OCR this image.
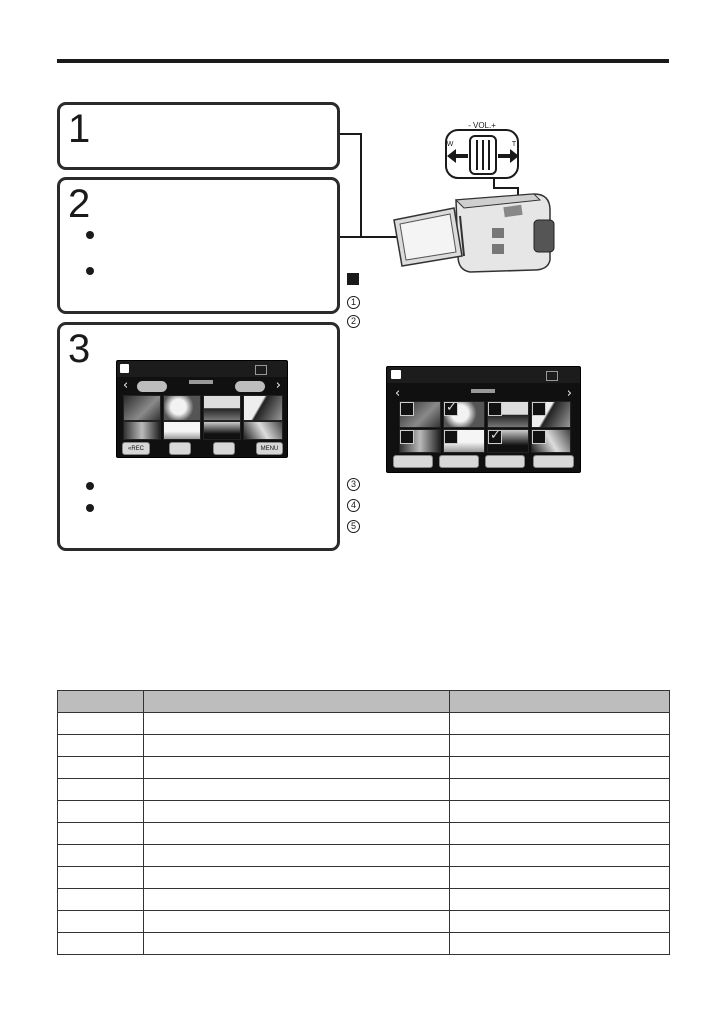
1
2
3
‹	›
«REC	MENU
- VOL.+
W	T
1
2
3
4
5
‹	›
✓
✓
